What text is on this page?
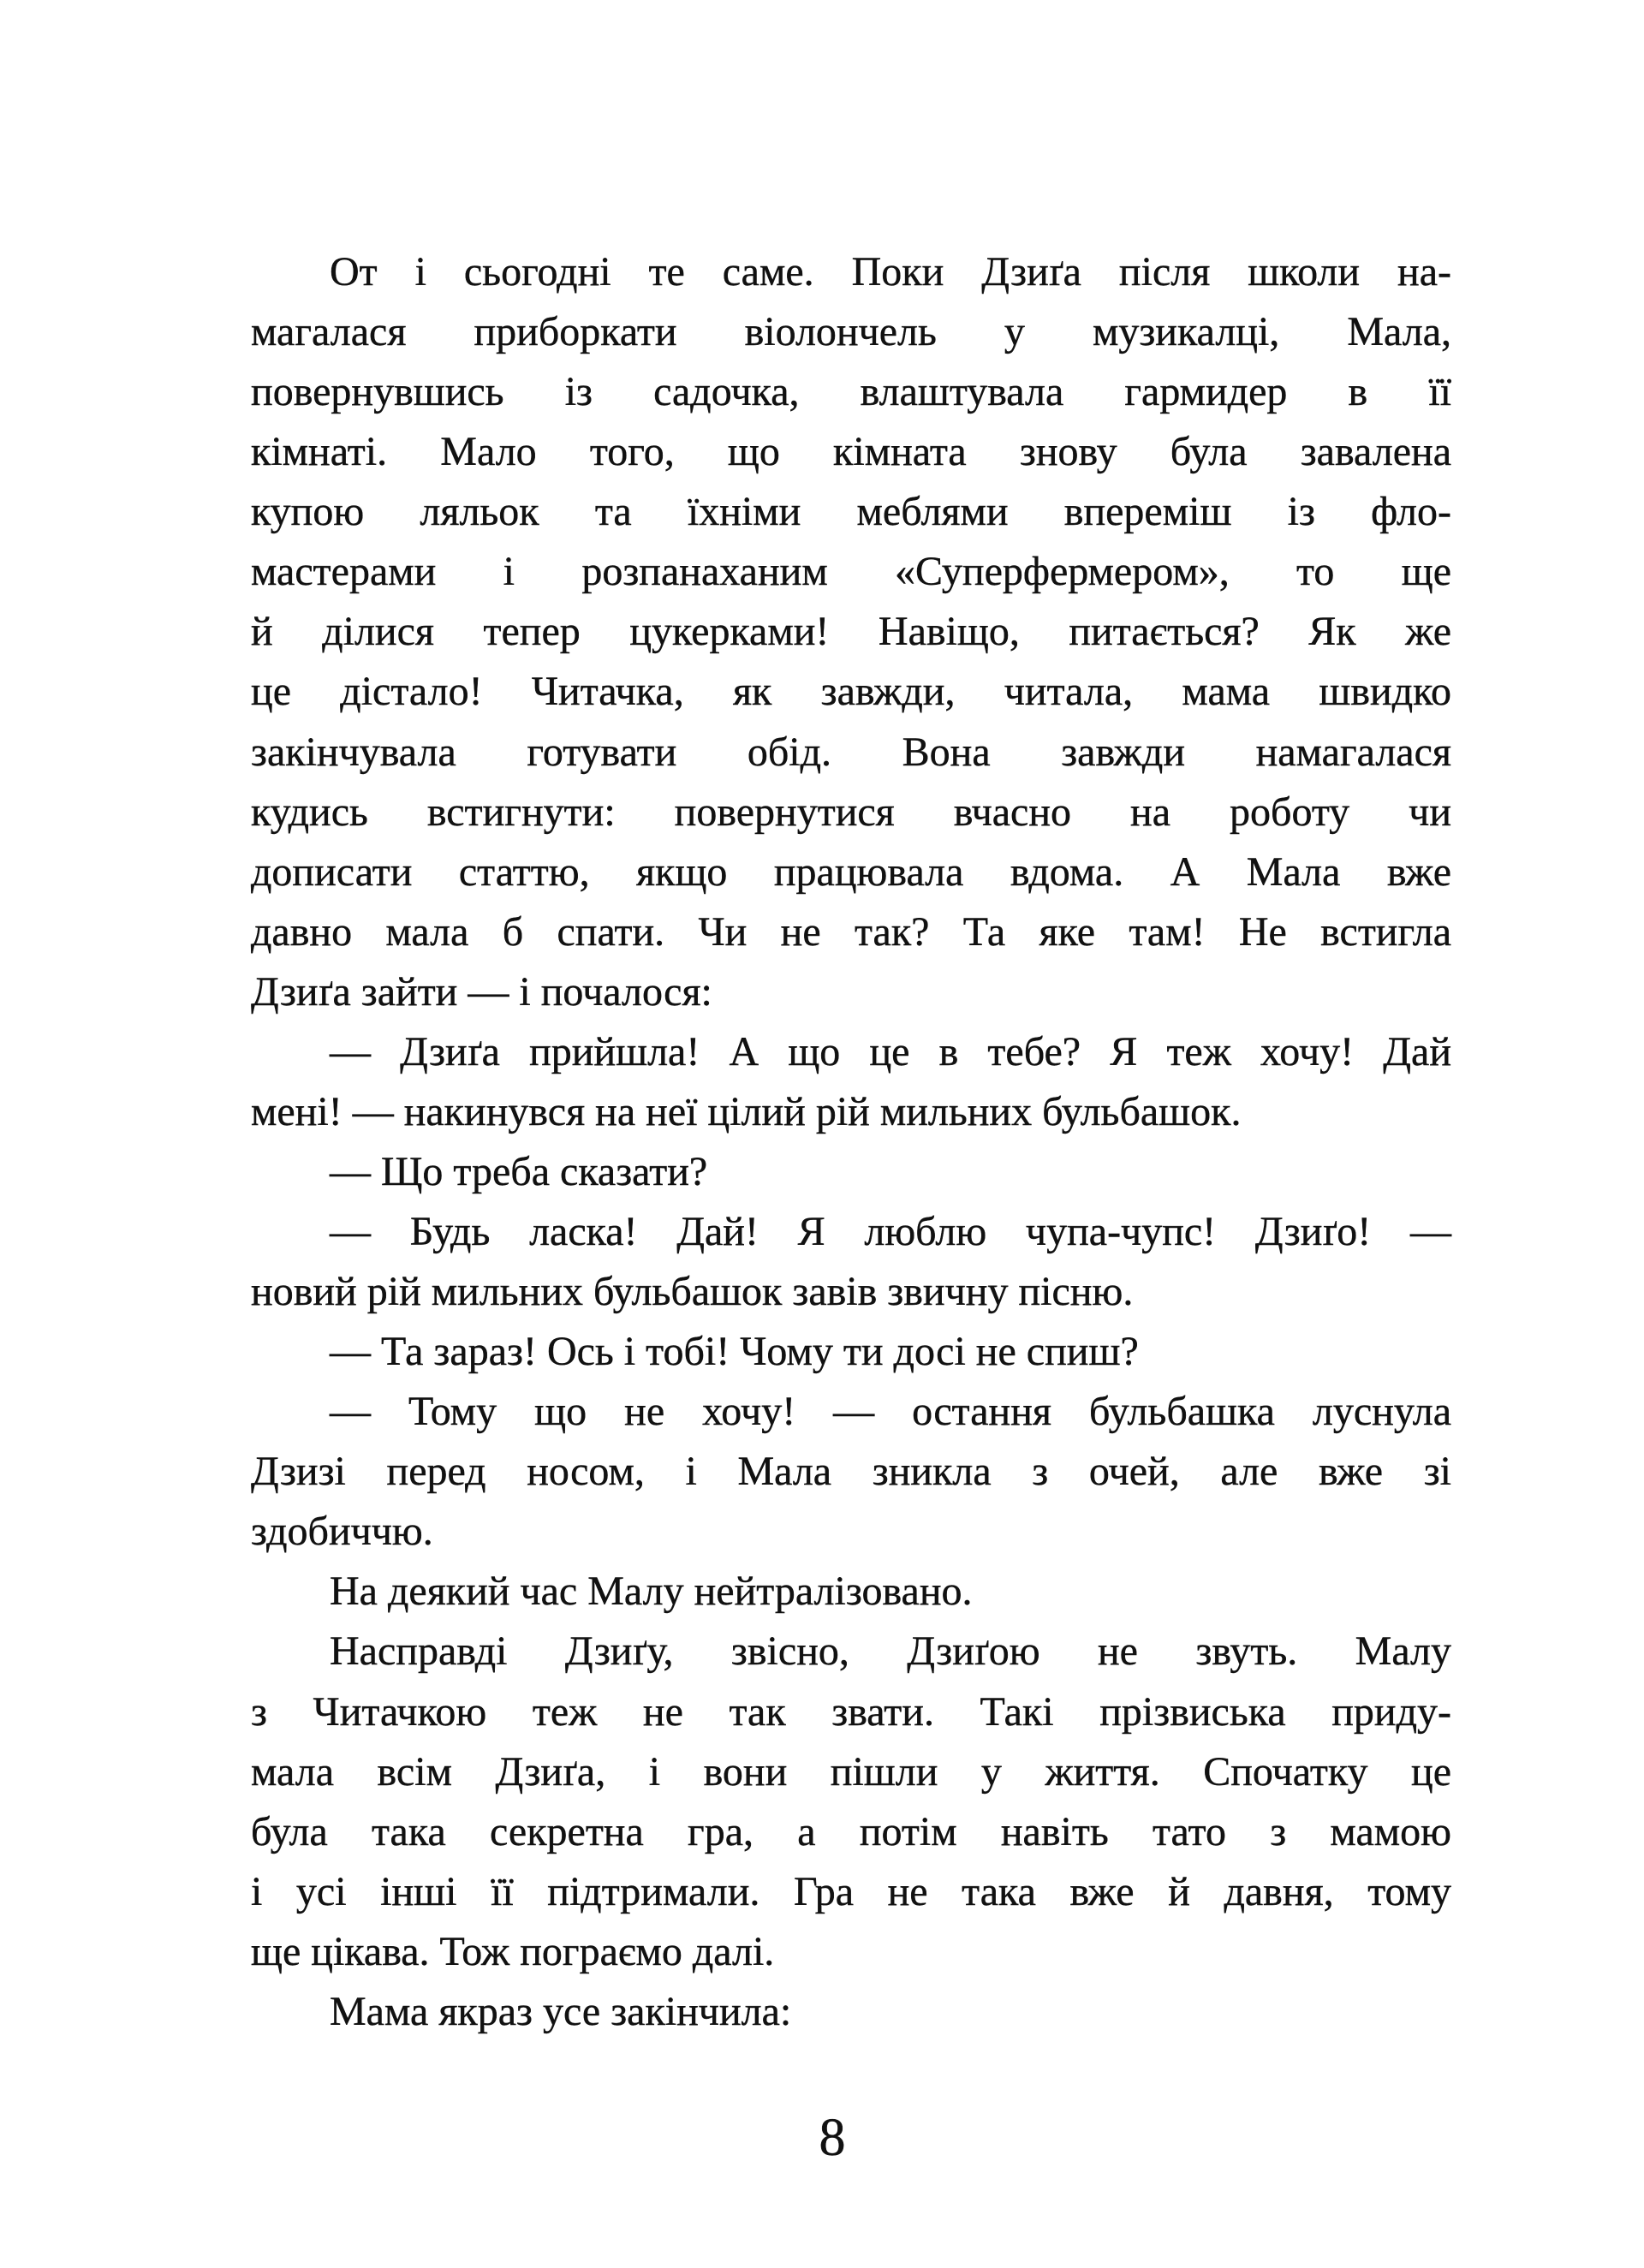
От і сьогодні те саме. Поки Дзиґа після школи на-
магалася приборкати віолончель у музикалці, Мала,
повернувшись із садочка, влаштувала гармидер в її
кімнаті. Мало того, що кімната знову була завалена
купою ляльок та їхніми меблями впереміш із фло-
мастерами і розпанаханим «Суперфермером», то ще
й ділися тепер цукерками! Навіщо, питається? Як же
це дістало! Читачка, як завжди, читала, мама швидко
закінчувала готувати обід. Вона завжди намагалася
кудись встигнути: повернутися вчасно на роботу чи
дописати статтю, якщо працювала вдома. А Мала вже
давно мала б спати. Чи не так? Та яке там! Не встигла
Дзиґа зайти — і почалося:
— Дзиґа прийшла! А що це в тебе? Я теж хочу! Дай
мені! — накинувся на неї цілий рій мильних бульбашок.
— Що треба сказати?
— Будь ласка! Дай! Я люблю чупа-чупс! Дзиґо! —
новий рій мильних бульбашок завів звичну пісню.
— Та зараз! Ось і тобі! Чому ти досі не спиш?
— Тому що не хочу! — остання бульбашка луснула
Дзизі перед носом, і Мала зникла з очей, але вже зі
здобиччю.
На деякий час Малу нейтралізовано.
Насправді Дзиґу, звісно, Дзиґою не звуть. Малу
з Читачкою теж не так звати. Такі прізвиська приду-
мала всім Дзиґа, і вони пішли у життя. Спочатку це
була така секретна гра, а потім навіть тато з мамою
і усі інші її підтримали. Гра не така вже й давня, тому
ще цікава. Тож пограємо далі.
Мама якраз усе закінчила:
8
